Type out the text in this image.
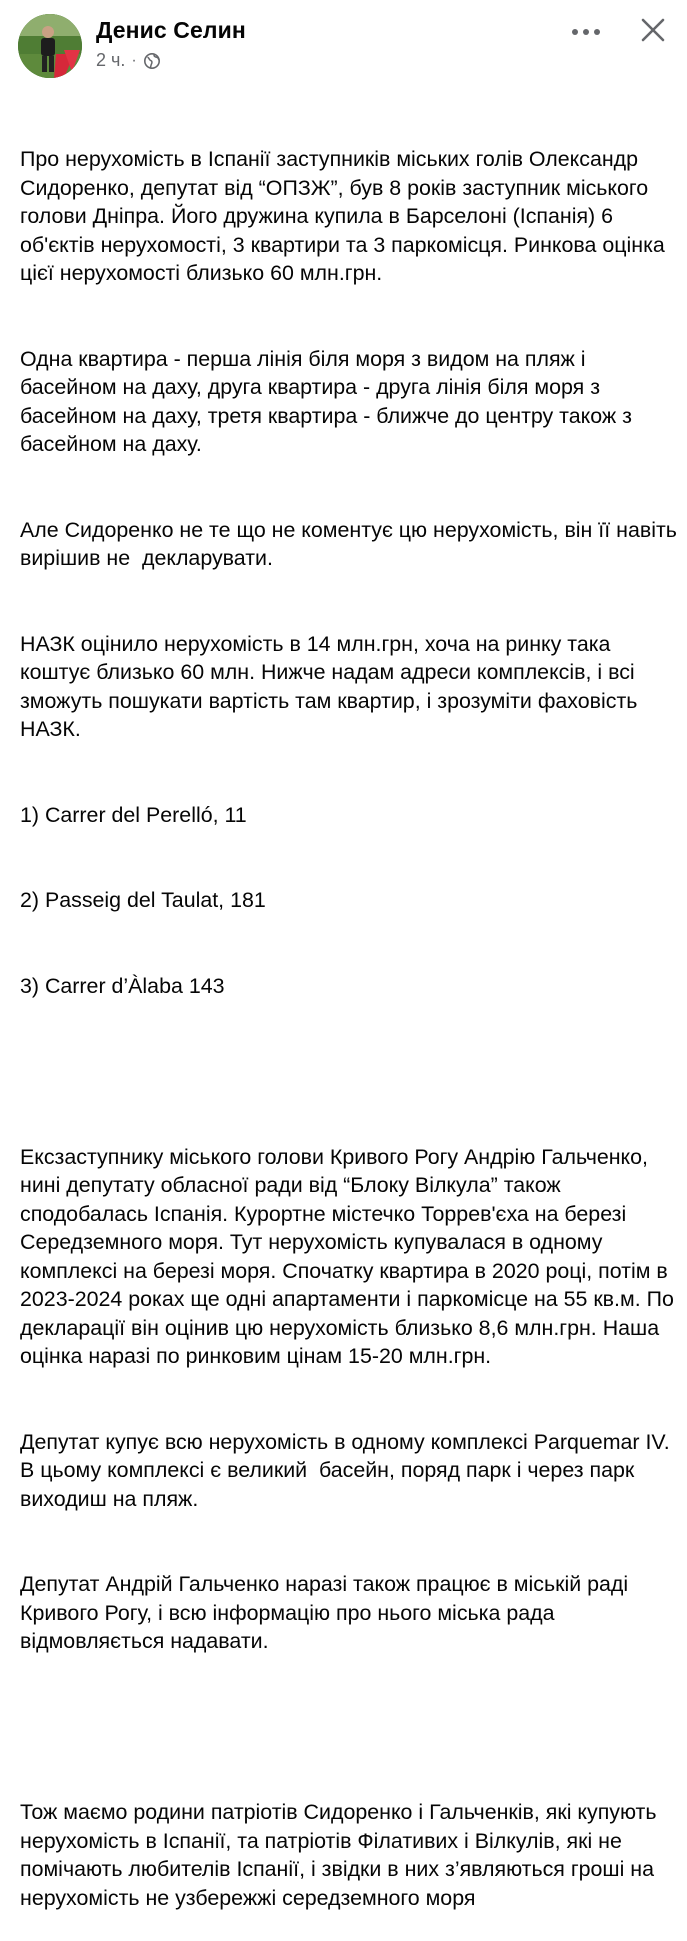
Денис Селин
2 ч. ·

Про нерухомість в Іспанії заступників міських голів Олександр Сидоренко, депутат від “ОПЗЖ”, був 8 років заступник міського голови Дніпра. Його дружина купила в Барселоні (Іспанія) 6 об'єктів нерухомості, 3 квартири та 3 паркомісця. Ринкова оцінка цієї нерухомості близько 60 млн.грн.

Одна квартира - перша лінія біля моря з видом на пляж і басейном на даху, друга квартира - друга лінія біля моря з басейном на даху, третя квартира - ближче до центру також з басейном на даху.

Але Сидоренко не те що не коментує цю нерухомість, він її навіть вирішив не  декларувати.

НАЗК оцінило нерухомість в 14 млн.грн, хоча на ринку така коштує близько 60 млн. Нижче надам адреси комплексів, і всі зможуть пошукати вартість там квартир, і зрозуміти фаховість НАЗК.

1) Carrer del Perelló, 11

2) Passeig del Taulat, 181

3) Carrer d’Àlaba 143

Ексзаступнику міського голови Кривого Рогу Андрію Гальченко, нині депутату обласної ради від “Блоку Вілкула” також сподобалась Іспанія. Курортне містечко Торрев'єха на березі Середземного моря. Тут нерухомість купувалася в одному комплексі на березі моря. Спочатку квартира в 2020 році, потім в 2023-2024 роках ще одні апартаменти і паркомісце на 55 кв.м. По декларації він оцінив цю нерухомість близько 8,6 млн.грн. Наша оцінка наразі по ринковим цінам 15-20 млн.грн.

Депутат купує всю нерухомість в одному комплексі Parquemar IV. В цьому комплексі є великий  басейн, поряд парк і через парк виходиш на пляж.

Депутат Андрій Гальченко наразі також працює в міській раді Кривого Рогу, і всю інформацію про нього міська рада відмовляється надавати.

Тож маємо родини патріотів Сидоренко і Гальченків, які купують нерухомість в Іспанії, та патріотів Філативих і Вілкулів, які не помічають любителів Іспанії, і звідки в них з’являються гроші на нерухомість не узбережжі середземного моря
